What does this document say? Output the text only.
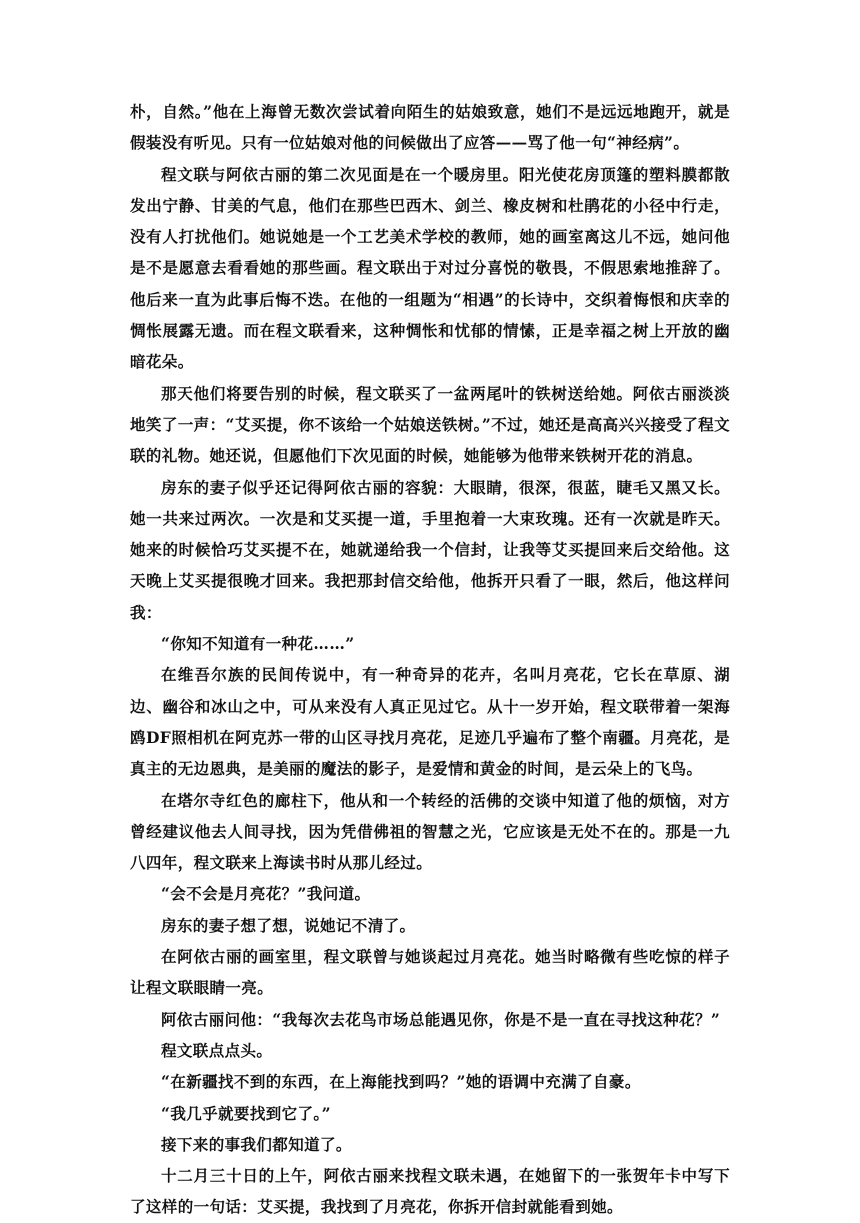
朴，自然。”他在上海曾无数次尝试着向陌生的姑娘致意，她们不是远远地跑开，就是假装没有听见。只有一位姑娘对他的问候做出了应答——骂了他一句“神经病”。

程文联与阿依古丽的第二次见面是在一个暖房里。阳光使花房顶篷的塑料膜都散发出宁静、甘美的气息，他们在那些巴西木、剑兰、橡皮树和杜鹃花的小径中行走，没有人打扰他们。她说她是一个工艺美术学校的教师，她的画室离这儿不远，她问他是不是愿意去看看她的那些画。程文联出于对过分喜悦的敬畏，不假思索地推辞了。他后来一直为此事后悔不迭。在他的一组题为“相遇”的长诗中，交织着悔恨和庆幸的惆怅展露无遗。而在程文联看来，这种惆怅和忧郁的情愫，正是幸福之树上开放的幽暗花朵。

那天他们将要告别的时候，程文联买了一盆两尾叶的铁树送给她。阿依古丽淡淡地笑了一声：“艾买提，你不该给一个姑娘送铁树。”不过，她还是高高兴兴接受了程文联的礼物。她还说，但愿他们下次见面的时候，她能够为他带来铁树开花的消息。

房东的妻子似乎还记得阿依古丽的容貌：大眼睛，很深，很蓝，睫毛又黑又长。她一共来过两次。一次是和艾买提一道，手里抱着一大束玫瑰。还有一次就是昨天。她来的时候恰巧艾买提不在，她就递给我一个信封，让我等艾买提回来后交给他。这天晚上艾买提很晚才回来。我把那封信交给他，他拆开只看了一眼，然后，他这样问我：

“你知不知道有一种花……”

在维吾尔族的民间传说中，有一种奇异的花卉，名叫月亮花，它长在草原、湖边、幽谷和冰山之中，可从来没有人真正见过它。从十一岁开始，程文联带着一架海鸥DF照相机在阿克苏一带的山区寻找月亮花，足迹几乎遍布了整个南疆。月亮花，是真主的无边恩典，是美丽的魔法的影子，是爱情和黄金的时间，是云朵上的飞鸟。

在塔尔寺红色的廊柱下，他从和一个转经的活佛的交谈中知道了他的烦恼，对方曾经建议他去人间寻找，因为凭借佛祖的智慧之光，它应该是无处不在的。那是一九八四年，程文联来上海读书时从那儿经过。

“会不会是月亮花？”我问道。

房东的妻子想了想，说她记不清了。

在阿依古丽的画室里，程文联曾与她谈起过月亮花。她当时略微有些吃惊的样子让程文联眼睛一亮。

阿依古丽问他：“我每次去花鸟市场总能遇见你，你是不是一直在寻找这种花？”

程文联点点头。

“在新疆找不到的东西，在上海能找到吗？”她的语调中充满了自豪。

“我几乎就要找到它了。”

接下来的事我们都知道了。

十二月三十日的上午，阿依古丽来找程文联未遇，在她留下的一张贺年卡中写下了这样的一句话：艾买提，我找到了月亮花，你拆开信封就能看到她。
